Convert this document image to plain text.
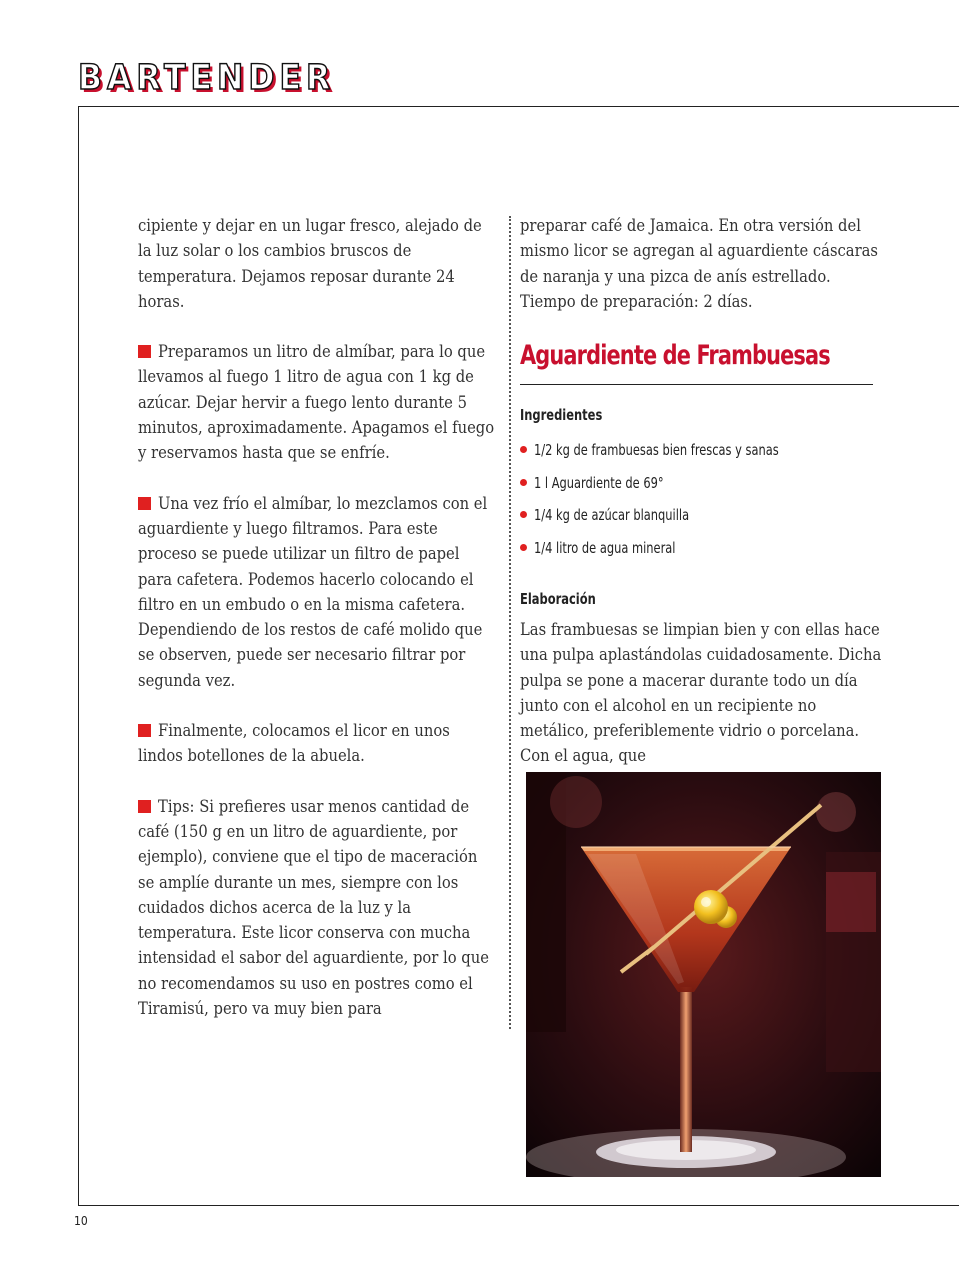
BARTENDER

cipiente y dejar en un lugar fresco, alejado de la luz solar o los cambios bruscos de temperatura. Dejamos reposar durante 24 horas.

Preparamos un litro de almíbar, para lo que llevamos al fuego 1 litro de agua con 1 kg de azúcar. Dejar hervir a fuego lento durante 5 minutos, aproximadamente. Apagamos el fuego y reservamos hasta que se enfríe.

Una vez frío el almíbar, lo mezclamos con el aguardiente y luego filtramos. Para este proceso se puede utilizar un filtro de papel para cafetera. Podemos hacerlo colocando el filtro en un embudo o en la misma cafetera. Dependiendo de los restos de café molido que se observen, puede ser necesario filtrar por segunda vez.

Finalmente, colocamos el licor en unos lindos botellones de la abuela.

Tips: Si prefieres usar menos cantidad de café (150 g en un litro de aguardiente, por ejemplo), conviene que el tipo de maceración se amplíe durante un mes, siempre con los cuidados dichos acerca de la luz y la temperatura. Este licor conserva con mucha intensidad el sabor del aguardiente, por lo que no recomendamos su uso en postres como el Tiramisú, pero va muy bien para

preparar café de Jamaica. En otra versión del mismo licor se agregan al aguardiente cáscaras de naranja y una pizca de anís estrellado. Tiempo de preparación: 2 días.

Aguardiente de Frambuesas
Ingredientes
1/2 kg de frambuesas bien frescas y sanas
1 l Aguardiente de 69°
1/4 kg de azúcar blanquilla
1/4 litro de agua mineral
Elaboración
Las frambuesas se limpian bien y con ellas hace una pulpa aplastándolas cuidadosamente. Dicha pulpa se pone a macerar durante todo un día junto con el alcohol en un recipiente no metálico, preferiblemente vidrio o porcelana. Con el agua, que
10
